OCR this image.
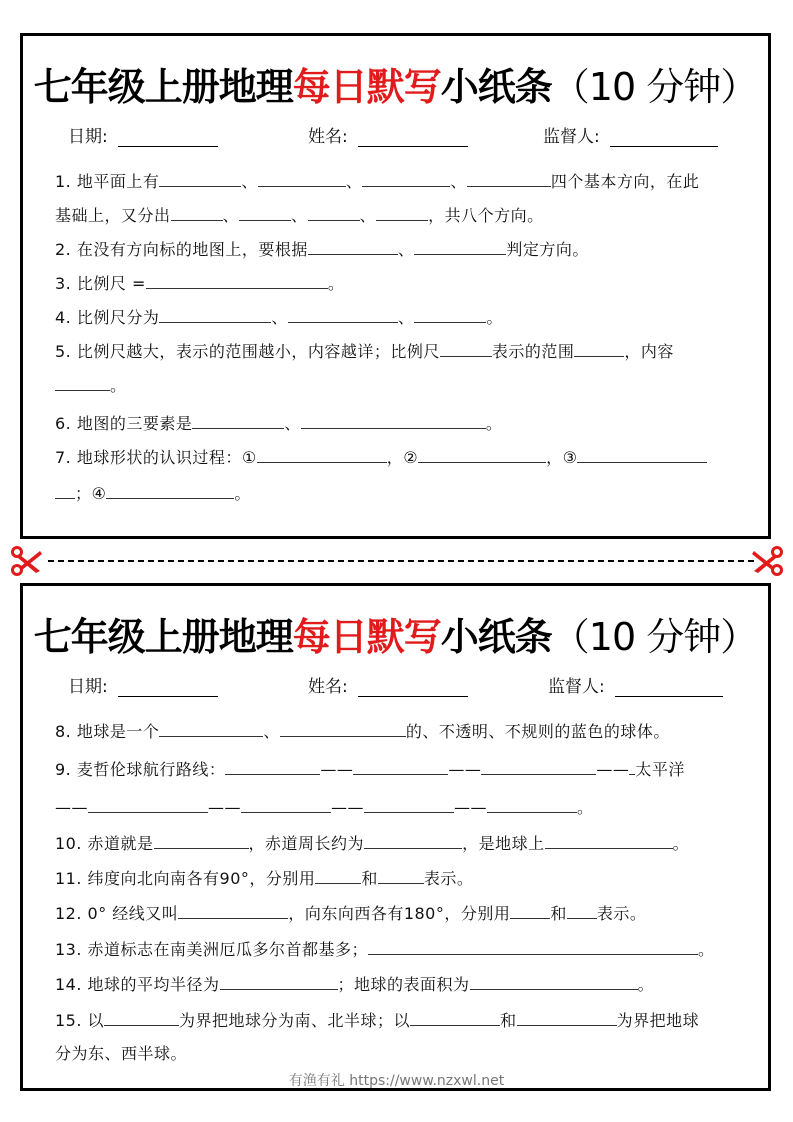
七年级上册地理每日默写小纸条（10 分钟）
日期:	姓名:	监督人:
1. 地平面上有	、	、	、	四个基本方向，在此
基础上，又分出	、	、	、	，共八个方向。
2. 在没有方向标的地图上，要根据	、	判定方向。
3. 比例尺 =	。
4. 比例尺分为	、	、	。
5. 比例尺越大，表示的范围越小，内容越详；比例尺	表示的范围	，内容
。
6. 地图的三要素是	、	。
7. 地球形状的认识过程：①	，②	，③
；④	。
七年级上册地理每日默写小纸条（10 分钟）
日期:	姓名:	监督人:
8. 地球是一个	、	的、不透明、不规则的蓝色的球体。
9. 麦哲伦球航行路线：	——	——	—— 太平洋
——	——	——	——	。
10. 赤道就是	，赤道周长约为	，是地球上	。
11. 纬度向北向南各有90°，分别用	和	表示。
12. 0° 经线又叫	，向东向西各有180°，分别用	和 表示。
13. 赤道标志在南美洲厄瓜多尔首都基多；	。
14. 地球的平均半径为	；地球的表面积为	。
15. 以	为界把地球分为南、北半球；以	和	为界把地球
分为东、西半球。
有渔有礼 https://www.nzxwl.net
